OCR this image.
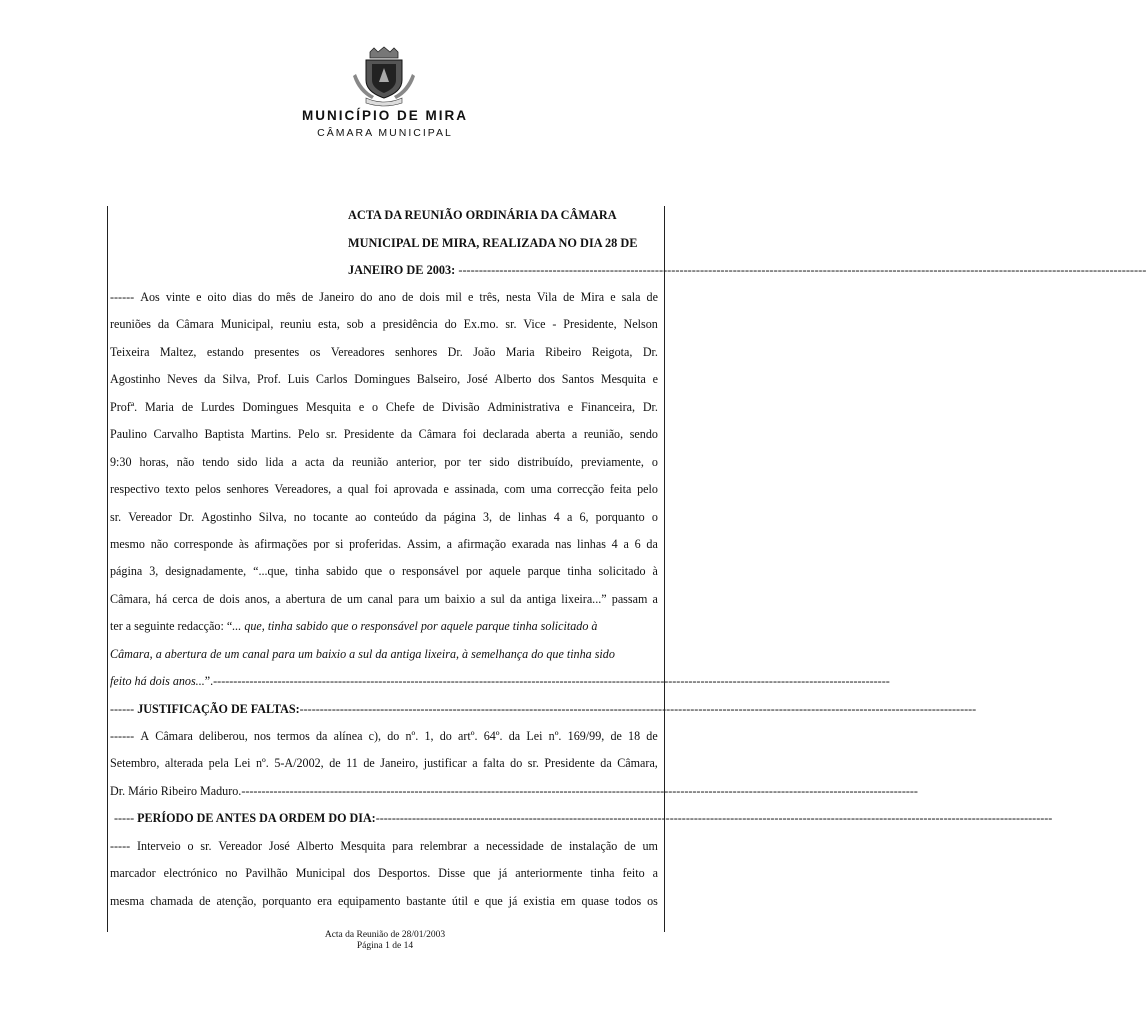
MUNICÍPIO DE MIRA
CÂMARA MUNICIPAL
ACTA DA REUNIÃO ORDINÁRIA DA CÂMARA
MUNICIPAL DE MIRA, REALIZADA NO DIA 28 DE
JANEIRO DE 2003: ------------------------------------------------------------------------------------------------------------------------------------------------------------------------
------ Aos vinte e oito dias do mês de Janeiro do ano de dois mil e três, nesta Vila de Mira e sala de
reuniões da Câmara Municipal, reuniu esta, sob a presidência do Ex.mo. sr. Vice - Presidente, Nelson
Teixeira Maltez, estando presentes os Vereadores senhores Dr. João Maria Ribeiro Reigota, Dr.
Agostinho Neves da Silva, Prof. Luis Carlos Domingues Balseiro, José Alberto dos Santos Mesquita e
Profª. Maria de Lurdes Domingues Mesquita e o Chefe de Divisão Administrativa e Financeira, Dr.
Paulino Carvalho Baptista Martins. Pelo sr. Presidente da Câmara foi declarada aberta a reunião, sendo
9:30 horas, não tendo sido lida a acta da reunião anterior, por ter sido distribuído, previamente, o
respectivo texto pelos senhores Vereadores, a qual foi aprovada e assinada, com uma correcção feita pelo
sr. Vereador Dr. Agostinho Silva, no tocante ao conteúdo da página 3, de linhas 4 a 6, porquanto o
mesmo não corresponde às afirmações por si proferidas. Assim, a afirmação exarada nas linhas 4 a 6 da
página 3, designadamente, “...que, tinha sabido que o responsável por aquele parque tinha solicitado à
Câmara, há cerca de dois anos, a abertura de um canal para um baixio a sul da antiga lixeira...” passam a
ter a seguinte redacção: “ ... que, tinha sabido que o responsável por aquele parque tinha solicitado à
Câmara, a abertura de um canal para um baixio a sul da antiga lixeira, à semelhança do que tinha sido
feito há dois anos... ”. ------------------------------------------------------------------------------------------------------------------------------------------------------------------------
------
JUSTIFICAÇÃO DE FALTAS: ------------------------------------------------------------------------------------------------------------------------------------------------------------------------
------ A Câmara deliberou, nos termos da alínea c), do nº. 1, do artº. 64º. da Lei nº. 169/99, de 18 de
Setembro, alterada pela Lei nº. 5-A/2002, de 11 de Janeiro, justificar a falta do sr. Presidente da Câmara,
Dr. Mário Ribeiro Maduro. ------------------------------------------------------------------------------------------------------------------------------------------------------------------------
-----
PERÍODO DE ANTES DA ORDEM DO DIA: ------------------------------------------------------------------------------------------------------------------------------------------------------------------------
----- Interveio o sr. Vereador José Alberto Mesquita para relembrar a necessidade de instalação de um
marcador electrónico no Pavilhão Municipal dos Desportos. Disse que já anteriormente tinha feito a
mesma chamada de atenção, porquanto era equipamento bastante útil e que já existia em quase todos os
Acta da Reunião de 28/01/2003
Página 1 de 14
